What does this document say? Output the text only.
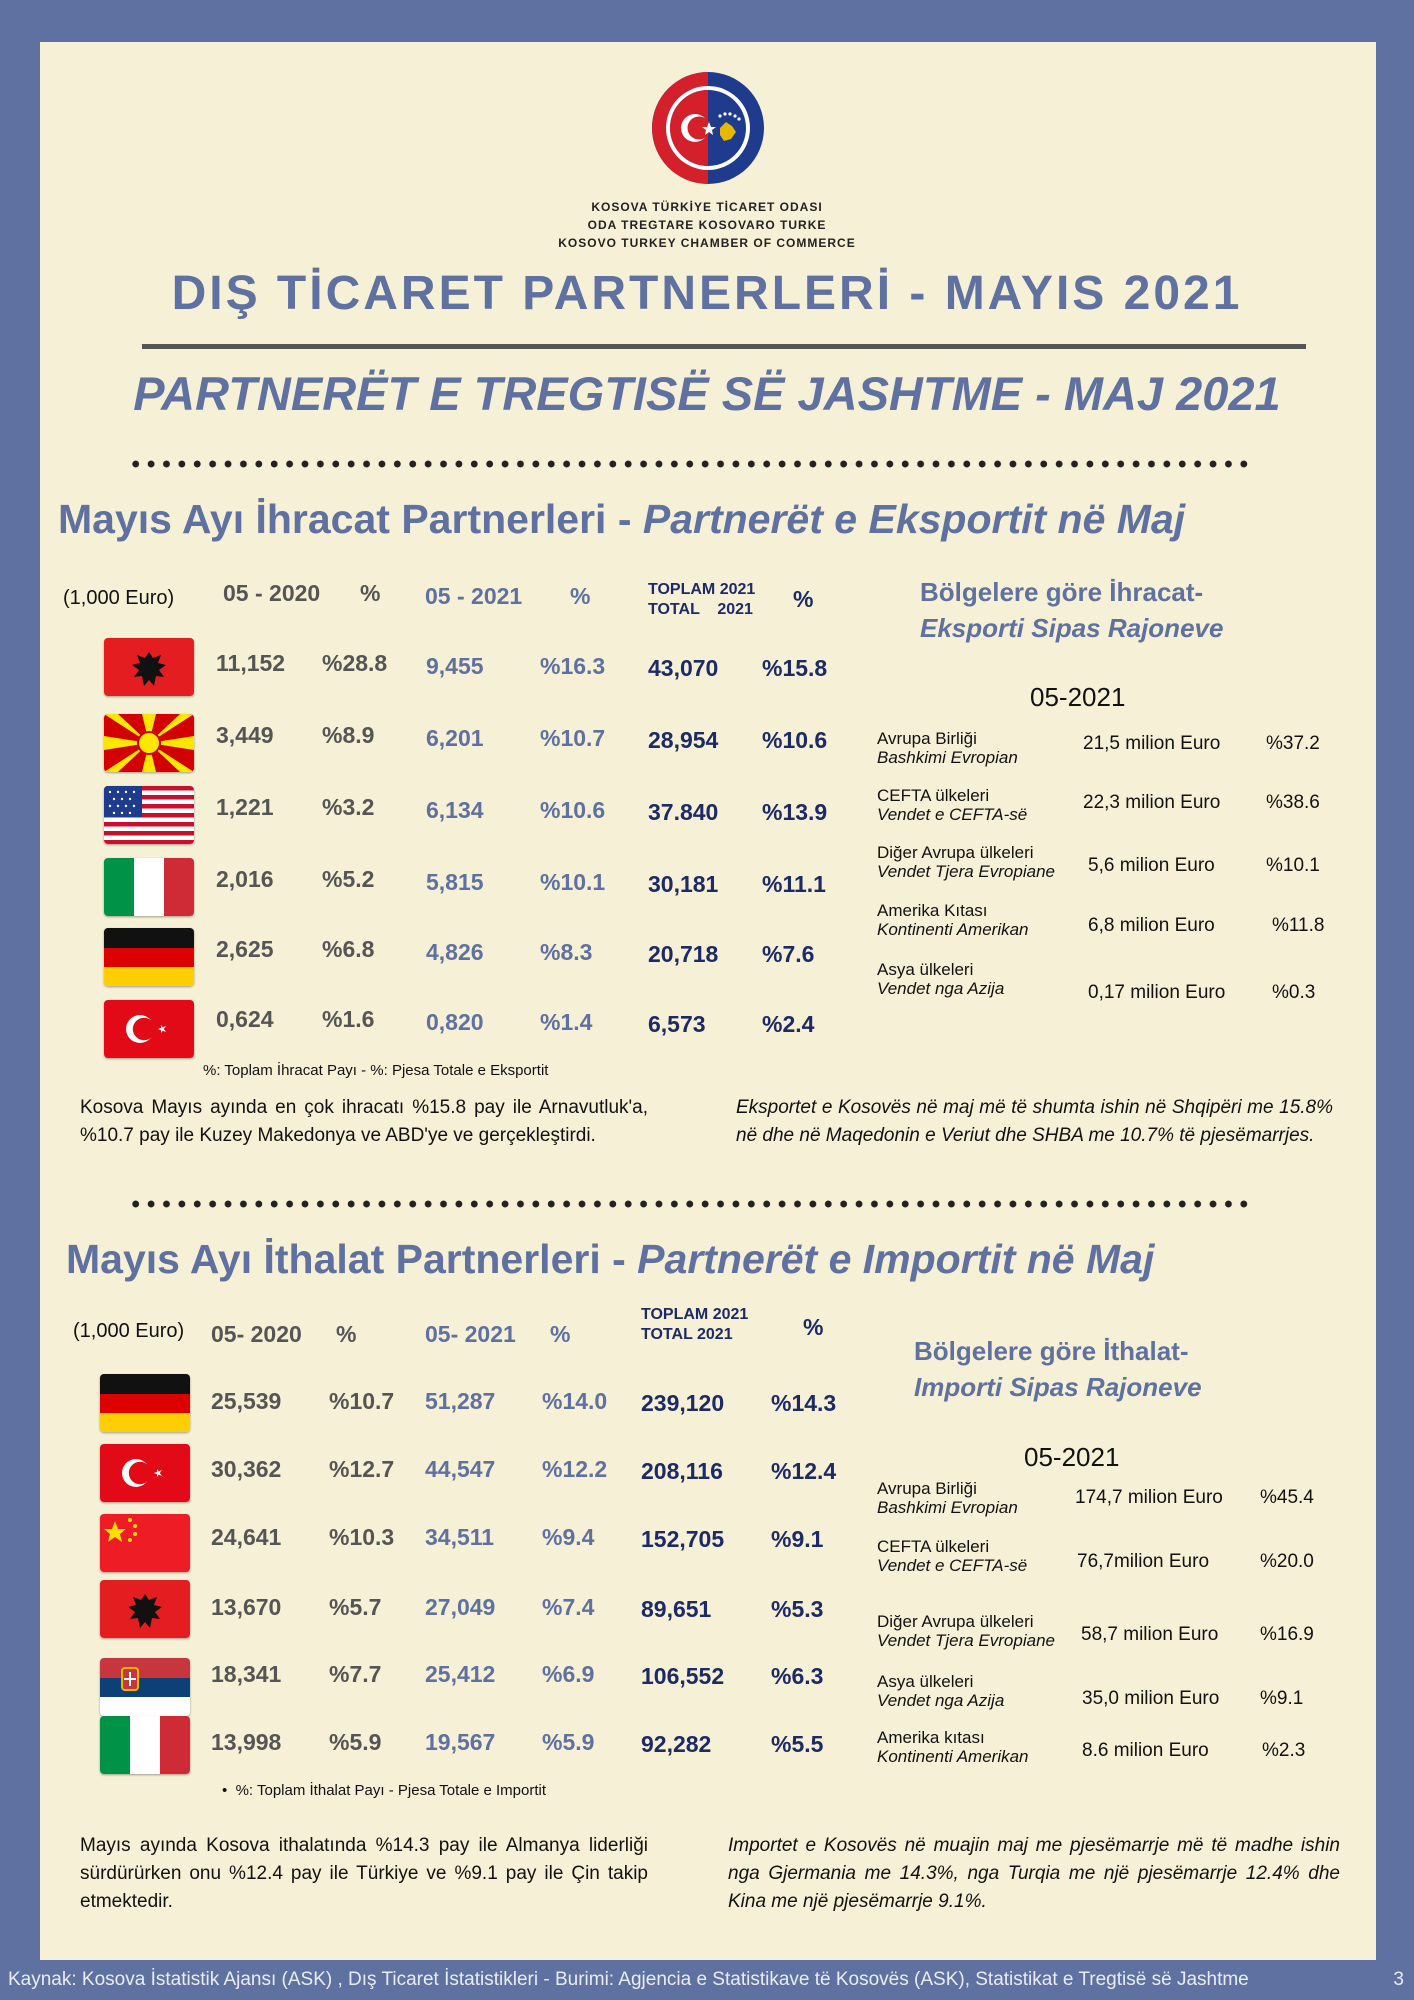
KOSOVA TÜRKİYE TİCARET ODASI
ODA TREGTARE KOSOVARO TURKE
KOSOVO TURKEY CHAMBER OF COMMERCE
DIŞ TİCARET PARTNERLERİ - MAYIS 2021
PARTNERËT E TREGTISË SË JASHTME - MAJ 2021
Mayıs Ayı İhracat Partnerleri - Partnerët e Eksportit në Maj
(1,000 Euro) 05 - 2020 % 05 - 2021 %	TOPLAM 2021
TOTAL    2021 %
11,152 %28.8 9,455 %16.3 43,070 %15.8
3,449 %8.9 6,201 %10.7 28,954 %10.6
1,221 %3.2 6,134 %10.6 37.840 %13.9
2,016 %5.2 5,815 %10.1 30,181 %11.1
2,625 %6.8 4,826 %8.3 20,718 %7.6
0,624 %1.6 0,820 %1.4 6,573 %2.4
%: Toplam İhracat Payı - %: Pjesa Totale e Eksportit
Bölgelere göre İhracat-
Eksporti Sipas Rajoneve
05-2021
Avrupa Birliği
Bashkimi Evropian
21,5 milion Euro %37.2
CEFTA ülkeleri
Vendet e CEFTA-së
22,3 milion Euro %38.6
Diğer Avrupa ülkeleri
Vendet Tjera Evropiane 5,6 milion Euro	%10.1
Amerika Kıtası
Kontinenti Amerikan	6,8 milion Euro	%11.8
Asya ülkeleri
Vendet nga Azija	0,17 milion Euro %0.3
Kosova Mayıs ayında en çok ihracatı %15.8 pay ile Arnavutluk'a, %10.7 pay ile Kuzey Makedonya ve ABD'ye ve gerçekleştirdi.
Eksportet e Kosovës në maj më të shumta ishin në Shqipëri me 15.8% në dhe në Maqedonin e Veriut dhe SHBA me 10.7% të pjesëmarrjes.
Mayıs Ayı İthalat Partnerleri - Partnerët e Importit në Maj
(1,000 Euro) 05- 2020 %	05- 2021 %
TOPLAM 2021
TOTAL 2021	%
25,539 %10.7 51,287 %14.0 239,120 %14.3
30,362 %12.7 44,547 %12.2 208,116 %12.4
24,641 %10.3 34,511 %9.4 152,705 %9.1
13,670 %5.7 27,049 %7.4 89,651	%5.3
18,341 %7.7 25,412 %6.9 106,552 %6.3
13,998 %5.9 19,567 %5.9 92,282	%5.5
•  %: Toplam İthalat Payı - Pjesa Totale e Importit
Bölgelere göre İthalat-
Importi Sipas Rajoneve
05-2021
Avrupa Birliği
Bashkimi Evropian	174,7 milion Euro %45.4
CEFTA ülkeleri
Vendet e CEFTA-së	76,7milion Euro	%20.0
Diğer Avrupa ülkeleri
Vendet Tjera Evropiane 58,7 milion Euro %16.9
Asya ülkeleri
Vendet nga Azija	35,0 milion Euro %9.1
Amerika kıtası
Kontinenti Amerikan	8.6 milion Euro	%2.3
Mayıs ayında Kosova ithalatında %14.3 pay ile Almanya liderliği sürdürürken onu %12.4 pay ile Türkiye ve %9.1 pay ile Çin takip etmektedir.
Importet e Kosovës në muajin maj me pjesëmarrje më të madhe ishin nga Gjermania me 14.3%, nga Turqia me një pjesëmarrje 12.4% dhe Kina me një pjesëmarrje 9.1%.
Kaynak: Kosova İstatistik Ajansı (ASK) , Dış Ticaret İstatistikleri - Burimi: Agjencia e Statistikave të Kosovës (ASK), Statistikat e Tregtisë së Jashtme	3
